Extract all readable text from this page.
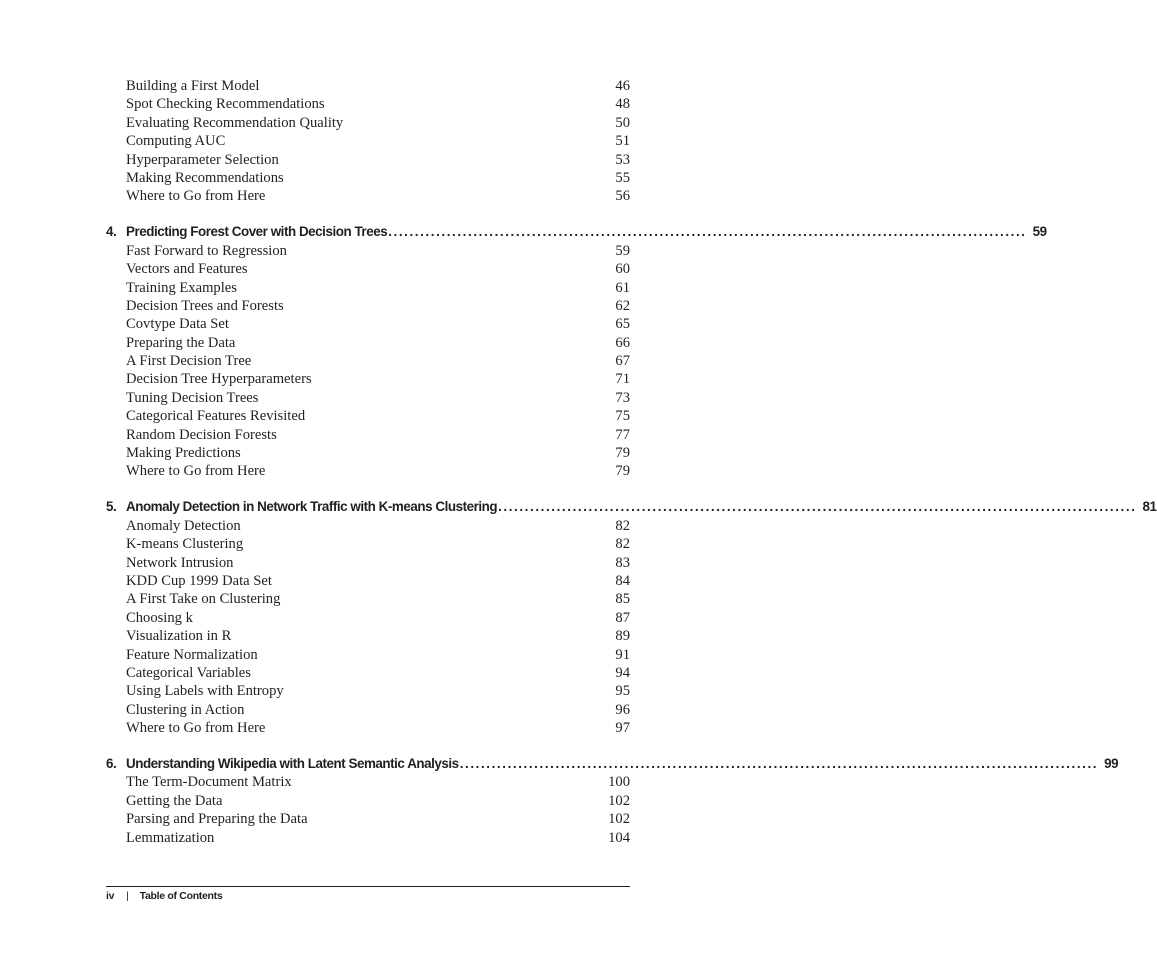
Building a First Model	46
Spot Checking Recommendations	48
Evaluating Recommendation Quality	50
Computing AUC	51
Hyperparameter Selection	53
Making Recommendations	55
Where to Go from Here	56
4. Predicting Forest Cover with Decision Trees ........................................................................................................................ 59
Fast Forward to Regression	59
Vectors and Features	60
Training Examples	61
Decision Trees and Forests	62
Covtype Data Set	65
Preparing the Data	66
A First Decision Tree	67
Decision Tree Hyperparameters	71
Tuning Decision Trees	73
Categorical Features Revisited	75
Random Decision Forests	77
Making Predictions	79
Where to Go from Here	79
5. Anomaly Detection in Network Traffic with K-means Clustering ........................................................................................................................ 81
Anomaly Detection	82
K-means Clustering	82
Network Intrusion	83
KDD Cup 1999 Data Set	84
A First Take on Clustering	85
Choosing k	87
Visualization in R	89
Feature Normalization	91
Categorical Variables	94
Using Labels with Entropy	95
Clustering in Action	96
Where to Go from Here	97
6. Understanding Wikipedia with Latent Semantic Analysis ........................................................................................................................ 99
The Term-Document Matrix	100
Getting the Data	102
Parsing and Preparing the Data	102
Lemmatization	104
iv | Table of Contents
